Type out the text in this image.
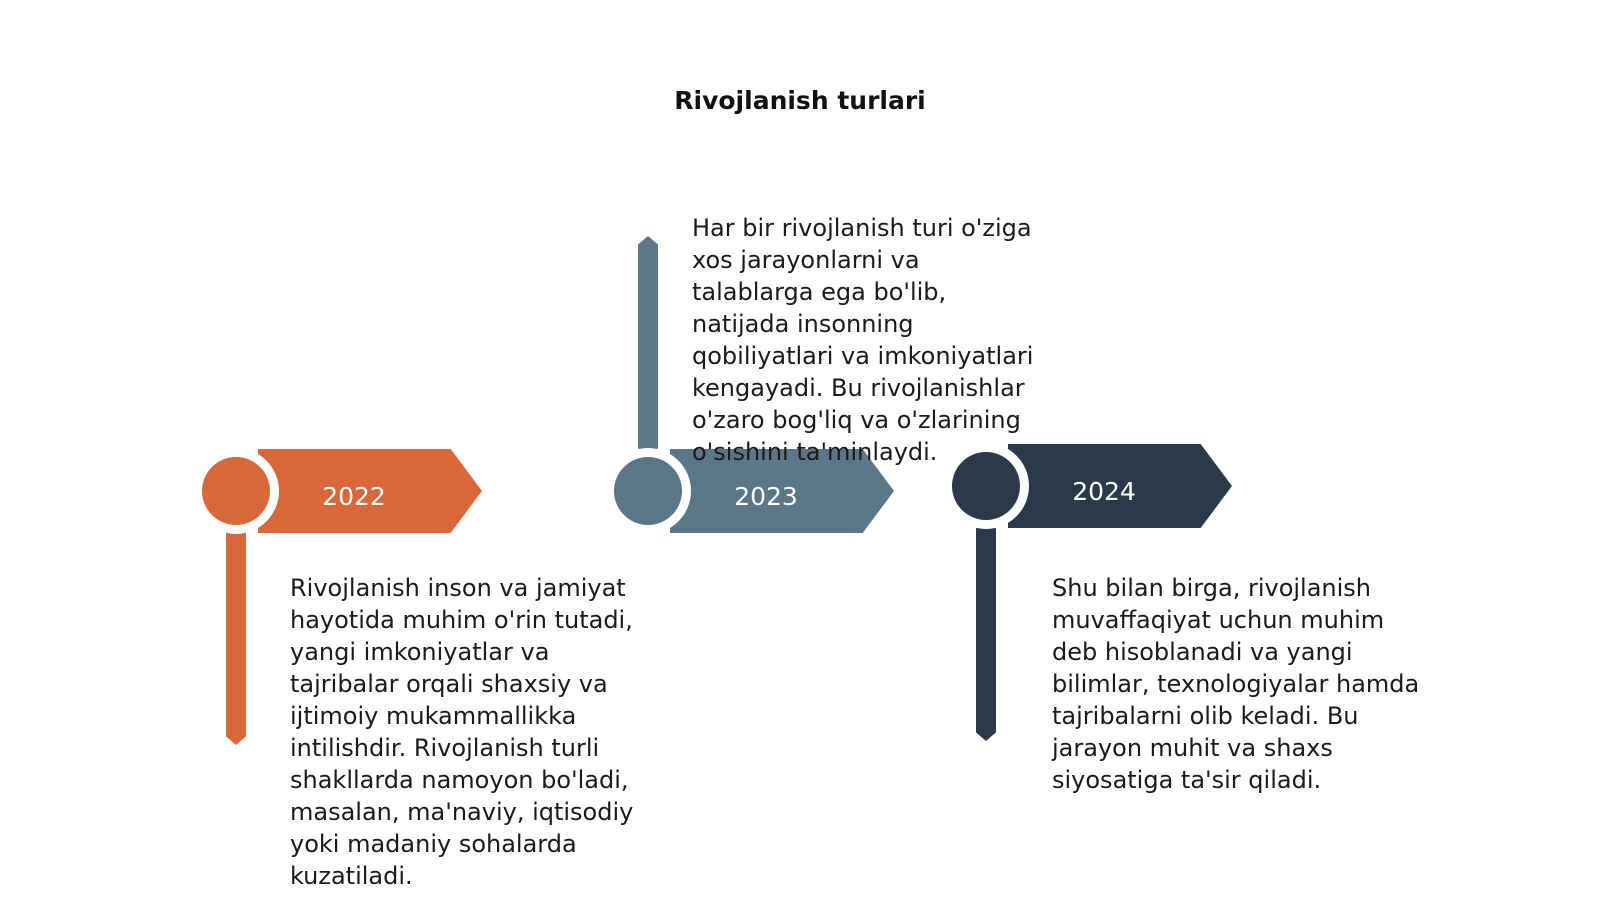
Rivojlanish turlari
2022
Rivojlanish inson va jamiyat hayotida muhim o'rin tutadi, yangi imkoniyatlar va tajribalar orqali shaxsiy va ijtimoiy mukammallikka intilishdir. Rivojlanish turli shakllarda namoyon bo'ladi, masalan, ma'naviy, iqtisodiy yoki madaniy sohalarda kuzatiladi.
2023
Har bir rivojlanish turi o'ziga xos jarayonlarni va talablarga ega bo'lib, natijada insonning qobiliyatlari va imkoniyatlari kengayadi. Bu rivojlanishlar o'zaro bog'liq va o'zlarining o'sishini ta'minlaydi.
2024
Shu bilan birga, rivojlanish muvaffaqiyat uchun muhim deb hisoblanadi va yangi bilimlar, texnologiyalar hamda tajribalarni olib keladi. Bu jarayon muhit va shaxs siyosatiga ta'sir qiladi.
